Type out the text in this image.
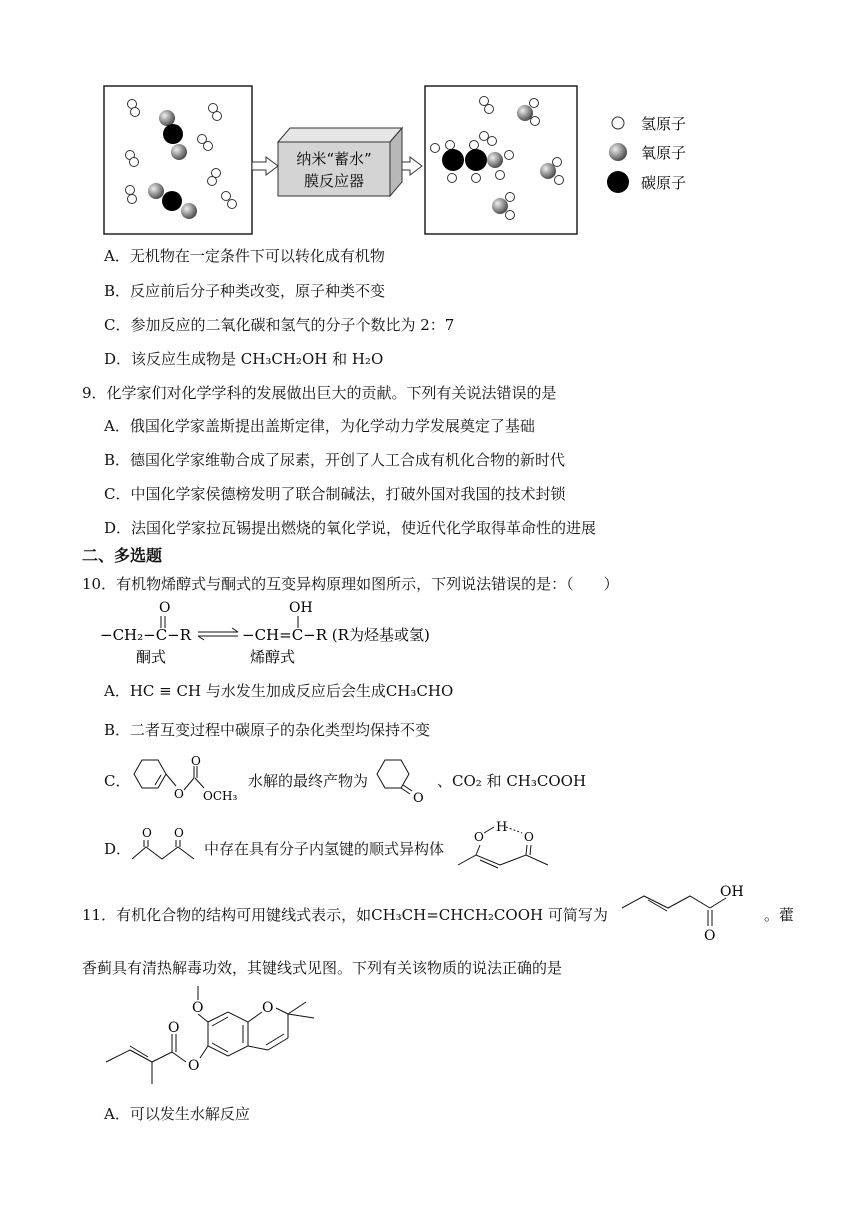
纳米“蓄水”
膜反应器
氢原子
氧原子
碳原子
A．无机物在一定条件下可以转化成有机物
B．反应前后分子种类改变，原子种类不变
C．参加反应的二氧化碳和氢气的分子个数比为 2：7
D．该反应生成物是 CH₃CH₂OH 和 H₂O
9．化学家们对化学学科的发展做出巨大的贡献。下列有关说法错误的是
A．俄国化学家盖斯提出盖斯定律，为化学动力学发展奠定了基础
B．德国化学家维勒合成了尿素，开创了人工合成有机化合物的新时代
C．中国化学家侯德榜发明了联合制碱法，打破外国对我国的技术封锁
D．法国化学家拉瓦锡提出燃烧的氧化学说，使近代化学取得革命性的进展
二、多选题
10．有机物烯醇式与酮式的互变异构原理如图所示，下列说法错误的是：（　　）
O
−CH₂−C−R
OH
−CH=C−R (R为烃基或氢)
酮式	烯醇式
A．HC ≡ CH 与水发生加成反应后会生成CH₃CHO
B．二者互变过程中碳原子的杂化类型均保持不变
C．
O
O
OCH₃
水解的最终产物为
O
、CO₂ 和 CH₃COOH
D．
O O
中存在具有分子内氢键的顺式异构体
H
O	O
11．有机化合物的结构可用键线式表示，如CH₃CH=CHCH₂COOH 可简写为
OH
O
。藿
香蓟具有清热解毒功效，其键线式见图。下列有关该物质的说法正确的是
O	O
O
O
A．可以发生水解反应
